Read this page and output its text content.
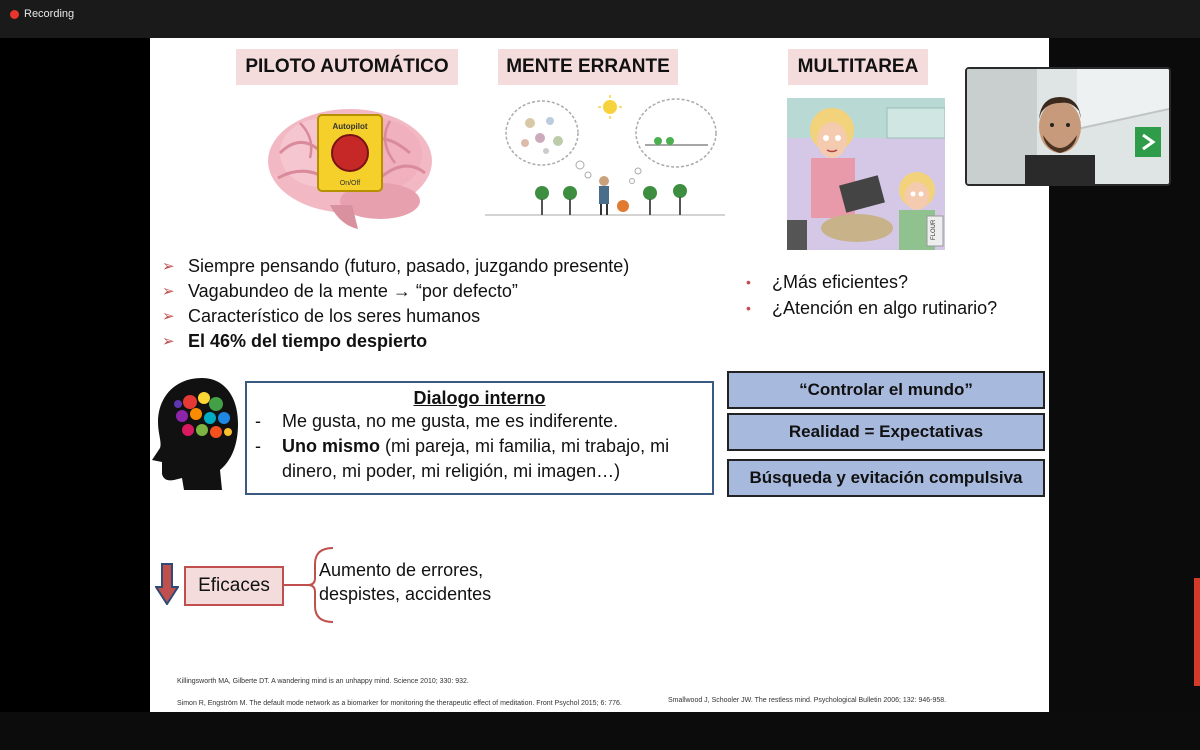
Recording
PILOTO AUTOMÁTICO	MENTE ERRANTE	MULTITAREA
Autopilot
On/Off
FLOUR
➢ Siempre pensando (futuro, pasado, juzgando presente)
➢ Vagabundeo de la mente → “por defecto”
➢ Característico de los seres humanos
➢ El 46% del tiempo despierto
• ¿Más eficientes?
• ¿Atención en algo rutinario?
Dialogo interno
- Me gusta, no me gusta, me es indiferente.
- Uno mismo (mi pareja, mi familia, mi trabajo, mi dinero, mi poder, mi religión, mi imagen…)
“Controlar el mundo”
Realidad = Expectativas
Búsqueda y evitación compulsiva
Eficaces
Aumento de errores,
despistes, accidentes
Killingsworth MA, Gilberte DT. A wandering mind is an unhappy mind. Science 2010; 330: 932.
Simon R, Engström M. The default mode network as a biomarker for monitoring the therapeutic effect of meditation. Front Psychol 2015; 6: 776.	Smallwood J, Schooler JW. The restless mind. Psychological Bulletin 2006; 132: 946-958.
